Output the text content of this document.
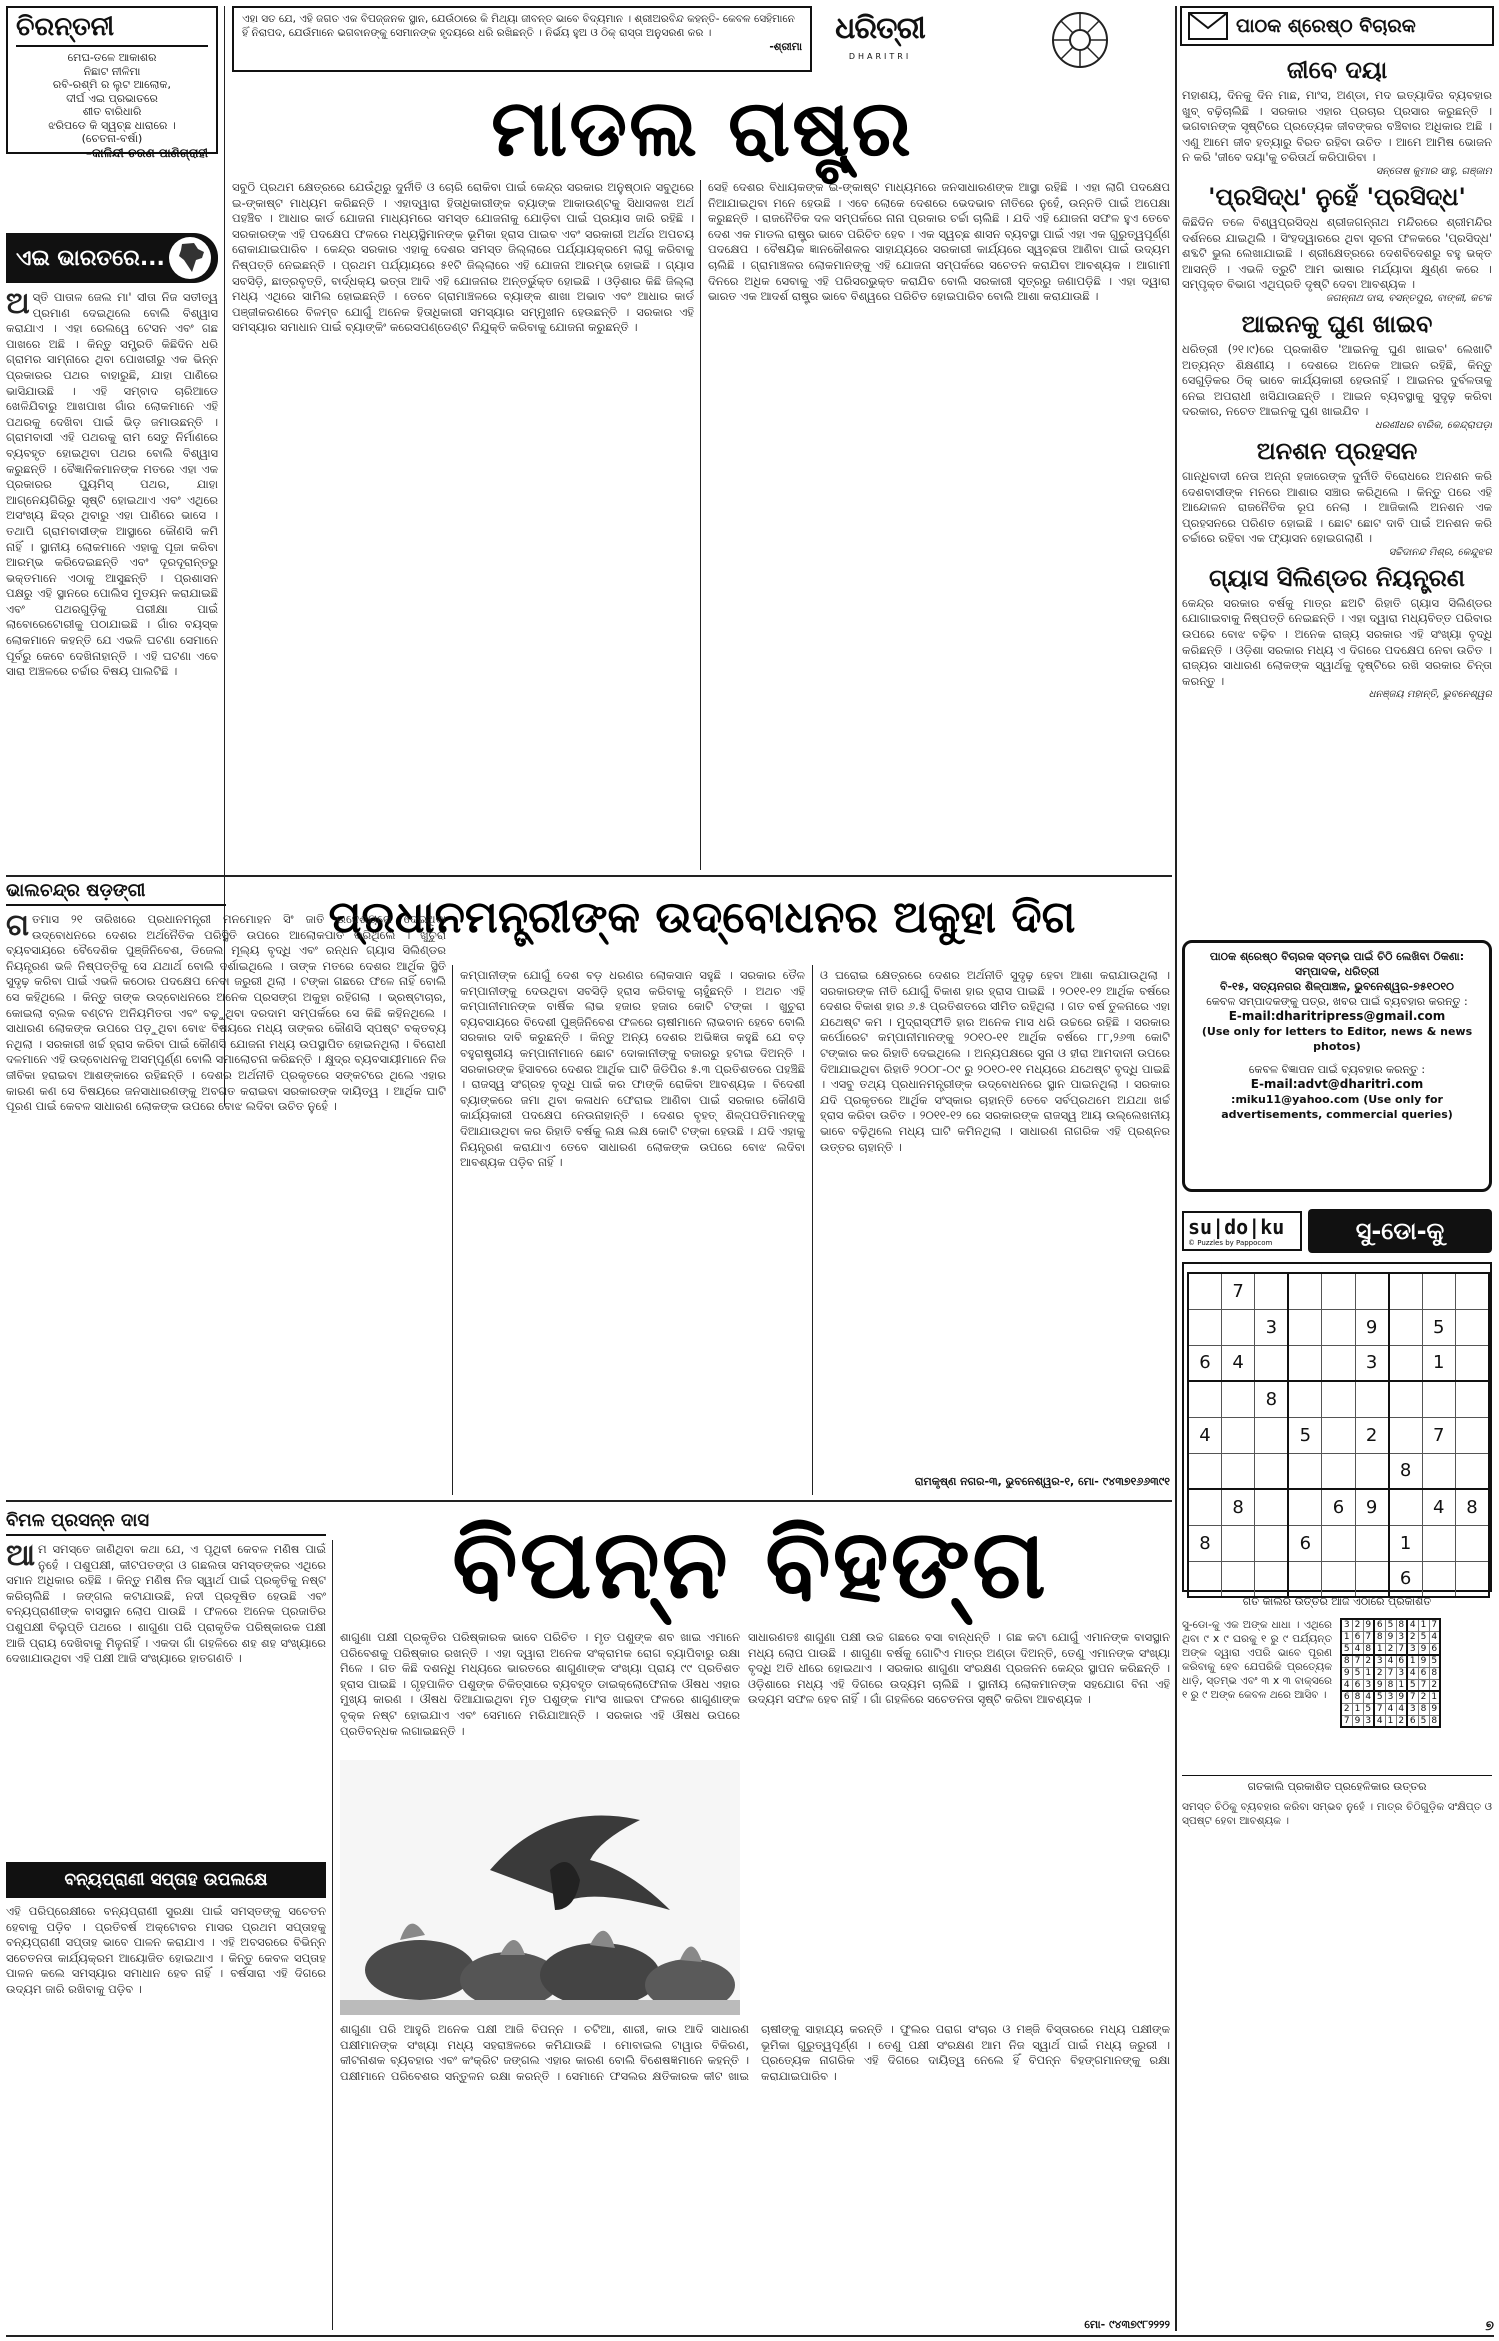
ଚିରନ୍ତନୀ
ମେଘ-ତଳେ ଆକାଶର
ନିଛାଟ ନୀଳିମା
ରବି-ରଶ୍ମି ର ଲୁଟ ଆଲୋକ,
ଦୀର୍ଘ ଏଇ ପ୍ରଭାତରେ
ଶୀତ ବାରିଧାରି
ଝରିପଡେ କି ସ୍ୱଚ୍ଛ ଧାରାରେ ।
(ଚେତନା-ବର୍ଷା)
–କାଳିନ୍ଦୀ ଚରଣ ପାଣିଗ୍ରାହୀ
ଏଇ ଭାରତରେ...
ଅ ସ୍ତି ପାତାଳ ଜେଲ ମା' ସୀତା ନିଜ ସତୀତ୍ୱ ପ୍ରମାଣ ଦେଇଥିଲେ ବୋଲି ବିଶ୍ୱାସ କରାଯାଏ । ଏହା ରେଲୱେ ଟେସନ ଏବଂ ଗଛ ପାଖରେ ଅଛି । କିନ୍ତୁ ସମ୍ପ୍ରତି କିଛିଦିନ ଧରି ଗ୍ରାମର ସାମ୍ନାରେ ଥିବା ପୋଖରୀରୁ ଏକ ଭିନ୍ନ ପ୍ରକାରର ପଥର ବାହାରୁଛି, ଯାହା ପାଣିରେ ଭାସିଯାଉଛି । ଏହି ସମ୍ବାଦ ଚାରିଆଡେ ଖେଳିଯିବାରୁ ଆଖପାଖ ଗାଁର ଲୋକମାନେ ଏହି ପଥରକୁ ଦେଖିବା ପାଇଁ ଭିଡ଼ ଜମାଉଛନ୍ତି । ଗ୍ରାମବାସୀ ଏହି ପଥରକୁ ରାମ ସେତୁ ନିର୍ମାଣରେ ବ୍ୟବହୃତ ହୋଇଥିବା ପଥର ବୋଲି ବିଶ୍ୱାସ କରୁଛନ୍ତି । ବୈଜ୍ଞାନିକମାନଙ୍କ ମତରେ ଏହା ଏକ ପ୍ରକାରର ପ୍ୟୁମିସ୍ ପଥର, ଯାହା ଆଗ୍ନେୟଗିରିରୁ ସୃଷ୍ଟି ହୋଇଥାଏ ଏବଂ ଏଥିରେ ଅସଂଖ୍ୟ ଛିଦ୍ର ଥିବାରୁ ଏହା ପାଣିରେ ଭାସେ । ତଥାପି ଗ୍ରାମବାସୀଙ୍କ ଆସ୍ଥାରେ କୌଣସି କମି ନାହିଁ । ସ୍ଥାନୀୟ ଲୋକମାନେ ଏହାକୁ ପୂଜା କରିବା ଆରମ୍ଭ କରିଦେଇଛନ୍ତି ଏବଂ ଦୂରଦୂରାନ୍ତରୁ ଭକ୍ତମାନେ ଏଠାକୁ ଆସୁଛନ୍ତି । ପ୍ରଶାସନ ପକ୍ଷରୁ ଏହି ସ୍ଥାନରେ ପୋଲିସ ମୁତୟନ କରାଯାଇଛି ଏବଂ ପଥରଗୁଡ଼ିକୁ ପରୀକ୍ଷା ପାଇଁ ଲାବୋରେଟୋରୀକୁ ପଠାଯାଇଛି । ଗାଁର ବୟସ୍କ ଲୋକମାନେ କହନ୍ତି ଯେ ଏଭଳି ଘଟଣା ସେମାନେ ପୂର୍ବରୁ କେବେ ଦେଖିନାହାନ୍ତି । ଏହି ଘଟଣା ଏବେ ସାରା ଅଞ୍ଚଳରେ ଚର୍ଚ୍ଚାର ବିଷୟ ପାଲଟିଛି ।
ଏହା ସତ ଯେ, ଏହି ଜଗତ ଏକ ବିପଜ୍ଜନକ ସ୍ଥାନ, ଯେଉଁଠାରେ କି ମିଥ୍ୟା ଜୀବନ୍ତ ଭାବେ ବିଦ୍ୟମାନ । ଶ୍ରୀଅରବିନ୍ଦ କହନ୍ତି- କେବଳ ସେହିମାନେ ହିଁ ନିରାପଦ, ଯେଉଁମାନେ ଭଗବାନଙ୍କୁ ସେମାନଙ୍କ ହୃଦୟରେ ଧରି ରଖିଛନ୍ତି । ନିର୍ଭୟ ହୁଅ ଓ ଠିକ୍ ରାସ୍ତା ଅନୁସରଣ କର ।
-ଶ୍ରୀମା
ଧରିତ୍ରୀ
DHARITRI
ମାଡଲ ରାଷ୍ଟ୍ର
ସବୁଠି ପ୍ରଥମ କ୍ଷେତ୍ରରେ ଯେଉଁଥିରୁ ଦୁର୍ନୀତି ଓ ଚୋରି ରୋକିବା ପାଇଁ କେନ୍ଦ୍ର ସରକାର ଅନୁଷ୍ଠାନ ସବୁଥିରେ ଇ-ଙ୍କାଷ୍ଟ ମାଧ୍ୟମ କରିଛନ୍ତି । ଏହାଦ୍ୱାରା ହିତାଧିକାରୀଙ୍କ ବ୍ୟାଙ୍କ ଆକାଉଣ୍ଟକୁ ସିଧାସଳଖ ଅର୍ଥ ପହଞ୍ଚିବ । ଆଧାର କାର୍ଡ ଯୋଜନା ମାଧ୍ୟମରେ ସମସ୍ତ ଯୋଜନାକୁ ଯୋଡ଼ିବା ପାଇଁ ପ୍ରୟାସ ଜାରି ରହିଛି । ସରକାରଙ୍କ ଏହି ପଦକ୍ଷେପ ଫଳରେ ମଧ୍ୟସ୍ଥିମାନଙ୍କ ଭୂମିକା ହ୍ରାସ ପାଇବ ଏବଂ ସରକାରୀ ଅର୍ଥର ଅପଚୟ ରୋକାଯାଇପାରିବ । କେନ୍ଦ୍ର ସରକାର ଏହାକୁ ଦେଶର ସମସ୍ତ ଜିଲ୍ଲାରେ ପର୍ଯ୍ୟାୟକ୍ରମେ ଲାଗୁ କରିବାକୁ ନିଷ୍ପତ୍ତି ନେଇଛନ୍ତି । ପ୍ରଥମ ପର୍ଯ୍ୟାୟରେ ୫୧ଟି ଜିଲ୍ଲାରେ ଏହି ଯୋଜନା ଆରମ୍ଭ ହୋଇଛି । ଗ୍ୟାସ ସବସିଡ଼ି, ଛାତ୍ରବୃତ୍ତି, ବାର୍ଦ୍ଧକ୍ୟ ଭତ୍ତା ଆଦି ଏହି ଯୋଜନାର ଅନ୍ତର୍ଭୁକ୍ତ ହୋଇଛି । ଓଡ଼ିଶାର କିଛି ଜିଲ୍ଲା ମଧ୍ୟ ଏଥିରେ ସାମିଲ ହୋଇଛନ୍ତି । ତେବେ ଗ୍ରାମାଞ୍ଚଳରେ ବ୍ୟାଙ୍କ ଶାଖା ଅଭାବ ଏବଂ ଆଧାର କାର୍ଡ ପଞ୍ଜୀକରଣରେ ବିଳମ୍ବ ଯୋଗୁଁ ଅନେକ ହିତାଧିକାରୀ ସମସ୍ୟାର ସମ୍ମୁଖୀନ ହେଉଛନ୍ତି । ସରକାର ଏହି ସମସ୍ୟାର ସମାଧାନ ପାଇଁ ବ୍ୟାଙ୍କିଂ କରେସପଣ୍ଡେଣ୍ଟ ନିଯୁକ୍ତି କରିବାକୁ ଯୋଜନା କରୁଛନ୍ତି ।
ସେହି ଦେଶର ବିଧାୟକଙ୍କ ଇ-ଙ୍କାଷ୍ଟ ମାଧ୍ୟମରେ ଜନସାଧାରଣଙ୍କ ଆସ୍ଥା ରହିଛି । ଏହା ଲାଗି ପଦକ୍ଷେପ ନିଆଯାଇଥିବା ମନେ ହେଉଛି । ଏବେ ଲୋକେ ଦେଶରେ ଭେଦଭାବ ନୀତିରେ ନୁହେଁ, ଉନ୍ନତି ପାଇଁ ଅପେକ୍ଷା କରୁଛନ୍ତି । ରାଜନୈତିକ ଦଳ ସମ୍ପର୍କରେ ନାନା ପ୍ରକାର ଚର୍ଚ୍ଚା ଚାଲିଛି । ଯଦି ଏହି ଯୋଜନା ସଫଳ ହୁଏ ତେବେ ଦେଶ ଏକ ମାଡଲ ରାଷ୍ଟ୍ର ଭାବେ ପରିଚିତ ହେବ । ଏକ ସ୍ୱଚ୍ଛ ଶାସନ ବ୍ୟବସ୍ଥା ପାଇଁ ଏହା ଏକ ଗୁରୁତ୍ୱପୂର୍ଣ୍ଣ ପଦକ୍ଷେପ । ବୈଷୟିକ ଜ୍ଞାନକୌଶଳର ସାହାଯ୍ୟରେ ସରକାରୀ କାର୍ଯ୍ୟରେ ସ୍ୱଚ୍ଛତା ଆଣିବା ପାଇଁ ଉଦ୍ୟମ ଚାଲିଛି । ଗ୍ରାମାଞ୍ଚଳର ଲୋକମାନଙ୍କୁ ଏହି ଯୋଜନା ସମ୍ପର୍କରେ ସଚେତନ କରାଯିବା ଆବଶ୍ୟକ । ଆଗାମୀ ଦିନରେ ଅଧିକ ସେବାକୁ ଏହି ପରିସରଭୁକ୍ତ କରାଯିବ ବୋଲି ସରକାରୀ ସୂତ୍ରରୁ ଜଣାପଡ଼ିଛି । ଏହା ଦ୍ୱାରା ଭାରତ ଏକ ଆଦର୍ଶ ରାଷ୍ଟ୍ର ଭାବେ ବିଶ୍ୱରେ ପରିଚିତ ହୋଇପାରିବ ବୋଲି ଆଶା କରାଯାଉଛି ।
ଭାଲଚନ୍ଦ୍ର ଷଡ଼ଙ୍ଗୀ
ପ୍ରଧାନମନ୍ତ୍ରୀଙ୍କ ଉଦ୍‌ବୋଧନର ଅକୁହା ଦିଗ
ଗ ତମାସ ୨୧ ତାରିଖରେ ପ୍ରଧାନମନ୍ତ୍ରୀ ମନମୋହନ ସିଂ ଜାତି ଉଦ୍ଦେଶ୍ୟରେ ଦେଇଥିବା ଉଦ୍‌ବୋଧନରେ ଦେଶର ଅର୍ଥନୈତିକ ପରିସ୍ଥିତି ଉପରେ ଆଲୋକପାତ କରିଥିଲେ । ଖୁଚୁରା ବ୍ୟବସାୟରେ ବୈଦେଶିକ ପୁଞ୍ଜିନିବେଶ, ଡିଜେଲ ମୂଲ୍ୟ ବୃଦ୍ଧି ଏବଂ ରନ୍ଧନ ଗ୍ୟାସ ସିଲିଣ୍ଡର ନିୟନ୍ତ୍ରଣ ଭଳି ନିଷ୍ପତ୍ତିକୁ ସେ ଯଥାର୍ଥ ବୋଲି ଦର୍ଶାଇଥିଲେ । ତାଙ୍କ ମତରେ ଦେଶର ଆର୍ଥିକ ସ୍ଥିତି ସୁଦୃଢ଼ କରିବା ପାଇଁ ଏଭଳି କଠୋର ପଦକ୍ଷେପ ନେବା ଜରୁରୀ ଥିଲା । ଟଙ୍କା ଗଛରେ ଫଳେ ନାହିଁ ବୋଲି ସେ କହିଥିଲେ । କିନ୍ତୁ ତାଙ୍କ ଉଦ୍‌ବୋଧନରେ ଅନେକ ପ୍ରସଙ୍ଗ ଅକୁହା ରହିଗଲା । ଭ୍ରଷ୍ଟାଚାର, କୋଇଲା ବ୍ଲକ ବଣ୍ଟନ ଅନିୟମିତତା ଏବଂ ବଢ଼ୁଥିବା ଦରଦାମ ସମ୍ପର୍କରେ ସେ କିଛି କହିନଥିଲେ । ସାଧାରଣ ଲୋକଙ୍କ ଉପରେ ପଡ଼ୁଥିବା ବୋଝ ବିଷୟରେ ମଧ୍ୟ ତାଙ୍କର କୌଣସି ସ୍ପଷ୍ଟ ବକ୍ତବ୍ୟ ନଥିଲା । ସରକାରୀ ଖର୍ଚ୍ଚ ହ୍ରାସ କରିବା ପାଇଁ କୌଣସି ଯୋଜନା ମଧ୍ୟ ଉପସ୍ଥାପିତ ହୋଇନଥିଲା । ବିରୋଧୀ ଦଳମାନେ ଏହି ଉଦ୍‌ବୋଧନକୁ ଅସମ୍ପୂର୍ଣ୍ଣ ବୋଲି ସମାଲୋଚନା କରିଛନ୍ତି । କ୍ଷୁଦ୍ର ବ୍ୟବସାୟୀମାନେ ନିଜ ଜୀବିକା ହରାଇବା ଆଶଙ୍କାରେ ରହିଛନ୍ତି । ଦେଶର ଅର୍ଥନୀତି ପ୍ରକୃତରେ ସଙ୍କଟରେ ଥିଲେ ଏହାର କାରଣ କଣ ସେ ବିଷୟରେ ଜନସାଧାରଣଙ୍କୁ ଅବଗତ କରାଇବା ସରକାରଙ୍କ ଦାୟିତ୍ୱ । ଆର୍ଥିକ ଘାଟି ପୂରଣ ପାଇଁ କେବଳ ସାଧାରଣ ଲୋକଙ୍କ ଉପରେ ବୋଝ ଲଦିବା ଉଚିତ ନୁହେଁ ।
କମ୍ପାନୀଙ୍କ ଯୋଗୁଁ ଦେଶ ବଡ଼ ଧରଣର ଲୋକସାନ ସହୁଛି । ସରକାର ତୈଳ କମ୍ପାନୀଙ୍କୁ ଦେଉଥିବା ସବସିଡ଼ି ହ୍ରାସ କରିବାକୁ ଚାହୁଁଛନ୍ତି । ଅଥଚ ଏହି କମ୍ପାନୀମାନଙ୍କ ବାର୍ଷିକ ଲାଭ ହଜାର ହଜାର କୋଟି ଟଙ୍କା । ଖୁଚୁରା ବ୍ୟବସାୟରେ ବିଦେଶୀ ପୁଞ୍ଜିନିବେଶ ଫଳରେ ଚାଷୀମାନେ ଲାଭବାନ ହେବେ ବୋଲି ସରକାର ଦାବି କରୁଛନ୍ତି । କିନ୍ତୁ ଅନ୍ୟ ଦେଶର ଅଭିଜ୍ଞତା କହୁଛି ଯେ ବଡ଼ ବହୁରାଷ୍ଟ୍ରୀୟ କମ୍ପାନୀମାନେ ଛୋଟ ଦୋକାନୀଙ୍କୁ ବଜାରରୁ ହଟାଇ ଦିଅନ୍ତି । ସରକାରଙ୍କ ହିସାବରେ ଦେଶର ଆର୍ଥିକ ଘାଟି ଜିଡିପିର ୫.୩ ପ୍ରତିଶତରେ ପହଞ୍ଚିଛି । ରାଜସ୍ୱ ସଂଗ୍ରହ ବୃଦ୍ଧି ପାଇଁ କର ଫାଙ୍କି ରୋକିବା ଆବଶ୍ୟକ । ବିଦେଶୀ ବ୍ୟାଙ୍କରେ ଜମା ଥିବା କଳାଧନ ଫେରାଇ ଆଣିବା ପାଇଁ ସରକାର କୌଣସି କାର୍ଯ୍ୟକାରୀ ପଦକ୍ଷେପ ନେଉନାହାନ୍ତି । ଦେଶର ବୃହତ୍ ଶିଳ୍ପପତିମାନଙ୍କୁ ଦିଆଯାଉଥିବା କର ରିହାତି ବର୍ଷକୁ ଲକ୍ଷ ଲକ୍ଷ କୋଟି ଟଙ୍କା ହେଉଛି । ଯଦି ଏହାକୁ ନିୟନ୍ତ୍ରଣ କରାଯାଏ ତେବେ ସାଧାରଣ ଲୋକଙ୍କ ଉପରେ ବୋଝ ଲଦିବା ଆବଶ୍ୟକ ପଡ଼ିବ ନାହିଁ ।
ଓ ଘରୋଇ କ୍ଷେତ୍ରରେ ଦେଶର ଅର୍ଥନୀତି ସୁଦୃଢ଼ ହେବା ଆଶା କରାଯାଉଥିଲା । ସରକାରଙ୍କ ନୀତି ଯୋଗୁଁ ବିକାଶ ହାର ହ୍ରାସ ପାଇଛି । ୨୦୧୧-୧୨ ଆର୍ଥିକ ବର୍ଷରେ ଦେଶର ବିକାଶ ହାର ୬.୫ ପ୍ରତିଶତରେ ସୀମିତ ରହିଥିଲା । ଗତ ବର୍ଷ ତୁଳନାରେ ଏହା ଯଥେଷ୍ଟ କମ । ମୁଦ୍ରାସ୍ଫୀତି ହାର ଅନେକ ମାସ ଧରି ଉଚ୍ଚରେ ରହିଛି । ସରକାର କର୍ପୋରେଟ କମ୍ପାନୀମାନଙ୍କୁ ୨୦୧୦-୧୧ ଆର୍ଥିକ ବର୍ଷରେ ୮୮,୨୬୩ କୋଟି ଟଙ୍କାର କର ରିହାତି ଦେଇଥିଲେ । ଅନ୍ୟପକ୍ଷରେ ସୁନା ଓ ହୀରା ଆମଦାନୀ ଉପରେ ଦିଆଯାଇଥିବା ରିହାତି ୨୦୦୮-୦୯ ରୁ ୨୦୧୦-୧୧ ମଧ୍ୟରେ ଯଥେଷ୍ଟ ବୃଦ୍ଧି ପାଇଛି । ଏସବୁ ତଥ୍ୟ ପ୍ରଧାନମନ୍ତ୍ରୀଙ୍କ ଉଦ୍‌ବୋଧନରେ ସ୍ଥାନ ପାଇନଥିଲା । ସରକାର ଯଦି ପ୍ରକୃତରେ ଆର୍ଥିକ ସଂସ୍କାର ଚାହାନ୍ତି ତେବେ ସର୍ବପ୍ରଥମେ ଅଯଥା ଖର୍ଚ୍ଚ ହ୍ରାସ କରିବା ଉଚିତ । ୨୦୧୧-୧୨ ରେ ସରକାରଙ୍କ ରାଜସ୍ୱ ଆୟ ଉଲ୍ଲେଖନୀୟ ଭାବେ ବଢ଼ିଥିଲେ ମଧ୍ୟ ଘାଟି କମିନଥିଲା । ସାଧାରଣ ନାଗରିକ ଏହି ପ୍ରଶ୍ନର ଉତ୍ତର ଚାହାନ୍ତି ।
ରାମକୃଷ୍ଣ ନଗର-୩, ଭୁବନେଶ୍ୱର-୧, ମୋ- ୯୪୩୭୧୬୬୩୯୧
ବିମଳ ପ୍ରସନ୍ନ ଦାସ	ବିପନ୍ନ ବିହଙ୍ଗ
ଆ ମ ସମସ୍ତେ ଜାଣିଥିବା କଥା ଯେ, ଏ ପୃଥିବୀ କେବଳ ମଣିଷ ପାଇଁ ନୁହେଁ । ପଶୁପକ୍ଷୀ, କୀଟପତଙ୍ଗ ଓ ଗଛଲତା ସମସ୍ତଙ୍କର ଏଥିରେ ସମାନ ଅଧିକାର ରହିଛି । କିନ୍ତୁ ମଣିଷ ନିଜ ସ୍ୱାର୍ଥ ପାଇଁ ପ୍ରକୃତିକୁ ନଷ୍ଟ କରିଚାଲିଛି । ଜଙ୍ଗଲ କଟାଯାଉଛି, ନଦୀ ପ୍ରଦୂଷିତ ହେଉଛି ଏବଂ ବନ୍ୟପ୍ରାଣୀଙ୍କ ବାସସ୍ଥାନ ଲୋପ ପାଉଛି । ଫଳରେ ଅନେକ ପ୍ରଜାତିର ପଶୁପକ୍ଷୀ ବିଲୁପ୍ତି ପଥରେ । ଶାଗୁଣା ପରି ପ୍ରାକୃତିକ ପରିଷ୍କାରକ ପକ୍ଷୀ ଆଜି ପ୍ରାୟ ଦେଖିବାକୁ ମିଳୁନାହିଁ । ଏକଦା ଗାଁ ଗହଳିରେ ଶହ ଶହ ସଂଖ୍ୟାରେ ଦେଖାଯାଉଥିବା ଏହି ପକ୍ଷୀ ଆଜି ସଂଖ୍ୟାରେ ହାତଗଣତି ।
ବନ୍ୟପ୍ରାଣୀ ସପ୍ତାହ ଉପଲକ୍ଷେ
ଏହି ପରିପ୍ରେକ୍ଷୀରେ ବନ୍ୟପ୍ରାଣୀ ସୁରକ୍ଷା ପାଇଁ ସମସ୍ତଙ୍କୁ ସଚେତନ ହେବାକୁ ପଡ଼ିବ । ପ୍ରତିବର୍ଷ ଅକ୍ଟୋବର ମାସର ପ୍ରଥମ ସପ୍ତାହକୁ ବନ୍ୟପ୍ରାଣୀ ସପ୍ତାହ ଭାବେ ପାଳନ କରାଯାଏ । ଏହି ଅବସରରେ ବିଭିନ୍ନ ସଚେତନତା କାର୍ଯ୍ୟକ୍ରମ ଆୟୋଜିତ ହୋଇଥାଏ । କିନ୍ତୁ କେବଳ ସପ୍ତାହ ପାଳନ କଲେ ସମସ୍ୟାର ସମାଧାନ ହେବ ନାହିଁ । ବର୍ଷସାରା ଏହି ଦିଗରେ ଉଦ୍ୟମ ଜାରି ରଖିବାକୁ ପଡ଼ିବ ।
ଶାଗୁଣା ପକ୍ଷୀ ପ୍ରକୃତିର ପରିଷ୍କାରକ ଭାବେ ପରିଚିତ । ମୃତ ପଶୁଙ୍କ ଶବ ଖାଇ ଏମାନେ ପରିବେଶକୁ ପରିଷ୍କାର ରଖନ୍ତି । ଏହା ଦ୍ୱାରା ଅନେକ ସଂକ୍ରାମକ ରୋଗ ବ୍ୟାପିବାରୁ ରକ୍ଷା ମିଳେ । ଗତ କିଛି ଦଶନ୍ଧି ମଧ୍ୟରେ ଭାରତରେ ଶାଗୁଣାଙ୍କ ସଂଖ୍ୟା ପ୍ରାୟ ୯୯ ପ୍ରତିଶତ ହ୍ରାସ ପାଇଛି । ଗୃହପାଳିତ ପଶୁଙ୍କ ଚିକିତ୍ସାରେ ବ୍ୟବହୃତ ଡାଇକ୍ଲୋଫେନାକ ଔଷଧ ଏହାର ମୁଖ୍ୟ କାରଣ । ଔଷଧ ଦିଆଯାଇଥିବା ମୃତ ପଶୁଙ୍କ ମାଂସ ଖାଇବା ଫଳରେ ଶାଗୁଣାଙ୍କ ବୃକ୍କ ନଷ୍ଟ ହୋଇଯାଏ ଏବଂ ସେମାନେ ମରିଯାଆନ୍ତି । ସରକାର ଏହି ଔଷଧ ଉପରେ ପ୍ରତିବନ୍ଧକ ଲଗାଇଛନ୍ତି ।
ସାଧାରଣତଃ ଶାଗୁଣା ପକ୍ଷୀ ଉଚ୍ଚ ଗଛରେ ବସା ବାନ୍ଧନ୍ତି । ଗଛ କଟା ଯୋଗୁଁ ଏମାନଙ୍କ ବାସସ୍ଥାନ ମଧ୍ୟ ଲୋପ ପାଉଛି । ଶାଗୁଣା ବର୍ଷକୁ ଗୋଟିଏ ମାତ୍ର ଅଣ୍ଡା ଦିଅନ୍ତି, ତେଣୁ ଏମାନଙ୍କ ସଂଖ୍ୟା ବୃଦ୍ଧି ଅତି ଧୀରେ ହୋଇଥାଏ । ସରକାର ଶାଗୁଣା ସଂରକ୍ଷଣ ପ୍ରଜନନ କେନ୍ଦ୍ର ସ୍ଥାପନ କରିଛନ୍ତି । ଓଡ଼ିଶାରେ ମଧ୍ୟ ଏହି ଦିଗରେ ଉଦ୍ୟମ ଚାଲିଛି । ସ୍ଥାନୀୟ ଲୋକମାନଙ୍କ ସହଯୋଗ ବିନା ଏହି ଉଦ୍ୟମ ସଫଳ ହେବ ନାହିଁ । ଗାଁ ଗହଳିରେ ସଚେତନତା ସୃଷ୍ଟି କରିବା ଆବଶ୍ୟକ ।
ଶାଗୁଣା ପରି ଆହୁରି ଅନେକ ପକ୍ଷୀ ଆଜି ବିପନ୍ନ । ଚଟିଆ, ଶାରୀ, କାଉ ଆଦି ସାଧାରଣ ପକ୍ଷୀମାନଙ୍କ ସଂଖ୍ୟା ମଧ୍ୟ ସହରାଞ୍ଚଳରେ କମିଯାଉଛି । ମୋବାଇଲ ଟାୱାର ବିକିରଣ, କୀଟନାଶକ ବ୍ୟବହାର ଏବଂ କଂକ୍ରିଟ ଜଙ୍ଗଲ ଏହାର କାରଣ ବୋଲି ବିଶେଷଜ୍ଞମାନେ କହନ୍ତି । ପକ୍ଷୀମାନେ ପରିବେଶର ସନ୍ତୁଳନ ରକ୍ଷା କରନ୍ତି । ସେମାନେ ଫସଲର କ୍ଷତିକାରକ କୀଟ ଖାଇ ଚାଷୀଙ୍କୁ ସାହାଯ୍ୟ କରନ୍ତି । ଫୁଲର ପରାଗ ସଂଚାର ଓ ମଞ୍ଜି ବିସ୍ତାରରେ ମଧ୍ୟ ପକ୍ଷୀଙ୍କ ଭୂମିକା ଗୁରୁତ୍ୱପୂର୍ଣ୍ଣ । ତେଣୁ ପକ୍ଷୀ ସଂରକ୍ଷଣ ଆମ ନିଜ ସ୍ୱାର୍ଥ ପାଇଁ ମଧ୍ୟ ଜରୁରୀ । ପ୍ରତ୍ୟେକ ନାଗରିକ ଏହି ଦିଗରେ ଦାୟିତ୍ୱ ନେଲେ ହିଁ ବିପନ୍ନ ବିହଙ୍ଗମାନଙ୍କୁ ରକ୍ଷା କରାଯାଇପାରିବ ।
ମୋ- ୯୪୩୭୯୮୨୨୨୨
ପାଠକ ଶ୍ରେଷ୍ଠ ବିଚାରକ
ଜୀବେ ଦୟା
ମହାଶୟ, ଦିନକୁ ଦିନ ମାଛ, ମାଂସ, ଅଣ୍ଡା, ମଦ ଇତ୍ୟାଦିର ବ୍ୟବହାର ଖୁବ୍ ବଢ଼ିଚାଲିଛି । ସରକାର ଏହାର ପ୍ରଚାର ପ୍ରସାର କରୁଛନ୍ତି । ଭଗବାନଙ୍କ ସୃଷ୍ଟିରେ ପ୍ରତ୍ୟେକ ଜୀବଙ୍କର ବଞ୍ଚିବାର ଅଧିକାର ଅଛି । ଏଣୁ ଆମେ ଜୀବ ହତ୍ୟାରୁ ବିରତ ରହିବା ଉଚିତ । ଆମେ ଆମିଷ ଭୋଜନ ନ କରି 'ଜୀବେ ଦୟା'କୁ ଚରିତାର୍ଥ କରିପାରିବା ।
ସନ୍ତୋଷ କୁମାର ସାହୁ, ଗଞ୍ଜାମ
'ପ୍ରସିଦ୍ଧ' ନୁହେଁ 'ପ୍ରସିଦ୍ଧ'
କିଛିଦିନ ତଳେ ବିଶ୍ୱପ୍ରସିଦ୍ଧ ଶ୍ରୀଜଗନ୍ନାଥ ମନ୍ଦିରରେ ଶ୍ରୀମନ୍ଦିର ଦର୍ଶନରେ ଯାଇଥିଲି । ସିଂହଦ୍ୱାରରେ ଥିବା ସୂଚନା ଫଳକରେ 'ପ୍ରସିଦ୍ଧ' ଶବ୍ଦଟି ଭୁଲ ଲେଖାଯାଇଛି । ଶ୍ରୀକ୍ଷେତ୍ରରେ ଦେଶବିଦେଶରୁ ବହୁ ଭକ୍ତ ଆସନ୍ତି । ଏଭଳି ତ୍ରୁଟି ଆମ ଭାଷାର ମର୍ଯ୍ୟାଦା କ୍ଷୁଣ୍ଣ କରେ । ସମ୍ପୃକ୍ତ ବିଭାଗ ଏଥିପ୍ରତି ଦୃଷ୍ଟି ଦେବା ଆବଶ୍ୟକ ।
ଜଗନ୍ନାଥ ଦାସ, ବସନ୍ତପୁର, ବାଙ୍କୀ, କଟକ
ଆଇନକୁ ଘୁଣ ଖାଇବ
ଧରିତ୍ରୀ (୨୧।୯)ରେ ପ୍ରକାଶିତ 'ଆଇନକୁ ଘୁଣ ଖାଇବ' ଲେଖାଟି ଅତ୍ୟନ୍ତ ଶିକ୍ଷଣୀୟ । ଦେଶରେ ଅନେକ ଆଇନ ରହିଛି, କିନ୍ତୁ ସେଗୁଡ଼ିକର ଠିକ୍ ଭାବେ କାର୍ଯ୍ୟକାରୀ ହେଉନାହିଁ । ଆଇନର ଦୁର୍ବଳତାକୁ ନେଇ ଅପରାଧୀ ଖସିଯାଉଛନ୍ତି । ଆଇନ ବ୍ୟବସ୍ଥାକୁ ସୁଦୃଢ଼ କରିବା ଦରକାର, ନଚେତ ଆଇନକୁ ଘୁଣ ଖାଇଯିବ ।
ଧରଣୀଧର ବାରିକ, କେନ୍ଦ୍ରାପଡ଼ା
ଅନଶନ ପ୍ରହସନ
ଗାନ୍ଧିବାଦୀ ନେତା ଅନ୍ନା ହଜାରେଙ୍କ ଦୁର୍ନୀତି ବିରୋଧରେ ଅନଶନ କରି ଦେଶବାସୀଙ୍କ ମନରେ ଆଶାର ସଞ୍ଚାର କରିଥିଲେ । କିନ୍ତୁ ପରେ ଏହି ଆନ୍ଦୋଳନ ରାଜନୈତିକ ରୂପ ନେଲା । ଆଜିକାଲି ଅନଶନ ଏକ ପ୍ରହସନରେ ପରିଣତ ହୋଇଛି । ଛୋଟ ଛୋଟ ଦାବି ପାଇଁ ଅନଶନ କରି ଚର୍ଚ୍ଚାରେ ରହିବା ଏକ ଫ୍ୟାସନ ହୋଇଗଲାଣି ।
ସଚ୍ଚିଦାନନ୍ଦ ମିଶ୍ର, କେନ୍ଦୁଝର
ଗ୍ୟାସ ସିଲିଣ୍ଡର ନିୟନ୍ତ୍ରଣ
କେନ୍ଦ୍ର ସରକାର ବର୍ଷକୁ ମାତ୍ର ଛଅଟି ରିହାତି ଗ୍ୟାସ ସିଲିଣ୍ଡର ଯୋଗାଇବାକୁ ନିଷ୍ପତ୍ତି ନେଇଛନ୍ତି । ଏହା ଦ୍ୱାରା ମଧ୍ୟବିତ୍ତ ପରିବାର ଉପରେ ବୋଝ ବଢ଼ିବ । ଅନେକ ରାଜ୍ୟ ସରକାର ଏହି ସଂଖ୍ୟା ବୃଦ୍ଧି କରିଛନ୍ତି । ଓଡ଼ିଶା ସରକାର ମଧ୍ୟ ଏ ଦିଗରେ ପଦକ୍ଷେପ ନେବା ଉଚିତ । ରାଜ୍ୟର ସାଧାରଣ ଲୋକଙ୍କ ସ୍ୱାର୍ଥକୁ ଦୃଷ୍ଟିରେ ରଖି ସରକାର ଚିନ୍ତା କରନ୍ତୁ ।
ଧନଞ୍ଜୟ ମହାନ୍ତି, ଭୁବନେଶ୍ୱର
ପାଠକ ଶ୍ରେଷ୍ଠ ବିଚାରକ ସ୍ତମ୍ଭ ପାଇଁ ଚିଠି ଲେଖିବା ଠିକଣା:
ସମ୍ପାଦକ, ଧରିତ୍ରୀ
ବି-୧୫, ସତ୍ୟନଗର ଶିଳ୍ପାଞ୍ଚଳ, ଭୁବନେଶ୍ୱର-୭୫୧୦୧୦
କେବଳ ସମ୍ପାଦକଙ୍କୁ ପତ୍ର, ଖବର ପାଇଁ ବ୍ୟବହାର କରନ୍ତୁ :
E-mail:dharitripress@gmail.com
(Use only for letters to Editor, news & news photos)
କେବଳ ବିଜ୍ଞାପନ ପାଇଁ ବ୍ୟବହାର କରନ୍ତୁ :
E-mail:advt@dharitri.com
:miku11@yahoo.com (Use only for
advertisements, commercial queries)
su|do|ku
© Puzzles by Pappocom	ସୁ-ଡୋ-କୁ
	7							
		3			9		5	
6	4				3		1	
		8						
4			5		2		7	
						8		
	8			6	9		4	8
8			6			1		
						6		
ଗତ କାଲିର ଉତ୍ତର ଆଜି ଏଠାରେ ପ୍ରକାଶିତ
ସୁ-ଡୋ-କୁ ଏକ ଅଙ୍କ ଧାଧା । ଏଥିରେ ଥିବା ୯ x ୯ ଘରକୁ ୧ ରୁ ୯ ପର୍ଯ୍ୟନ୍ତ ଅଙ୍କ ଦ୍ୱାରା ଏପରି ଭାବେ ପୂରଣ କରିବାକୁ ହେବ ଯେପରିକି ପ୍ରତ୍ୟେକ ଧାଡ଼ି, ସ୍ତମ୍ଭ ଏବଂ ୩ x ୩ ବାକ୍ସରେ ୧ ରୁ ୯ ଅଙ୍କ କେବଳ ଥରେ ଆସିବ ।
3	2	9	6	5	8	4	1	7
1	6	7	8	9	3	2	5	4
5	4	8	1	2	7	3	9	6
8	7	2	3	4	6	1	9	5
9	5	1	2	7	3	4	6	8
4	6	3	9	8	1	5	7	2
6	8	4	5	3	9	7	2	1
2	1	5	7	4	4	3	8	9
7	9	3	4	1	2	6	5	8
ଗତକାଲି ପ୍ରକାଶିତ ପ୍ରହେଳିକାର ଉତ୍ତର
ସମସ୍ତ ଚିଠିକୁ ବ୍ୟବହାର କରିବା ସମ୍ଭବ ନୁହେଁ । ମାତ୍ର ଚିଠିଗୁଡ଼ିକ ସଂକ୍ଷିପ୍ତ ଓ ସ୍ପଷ୍ଟ ହେବା ଆବଶ୍ୟକ ।
୭
